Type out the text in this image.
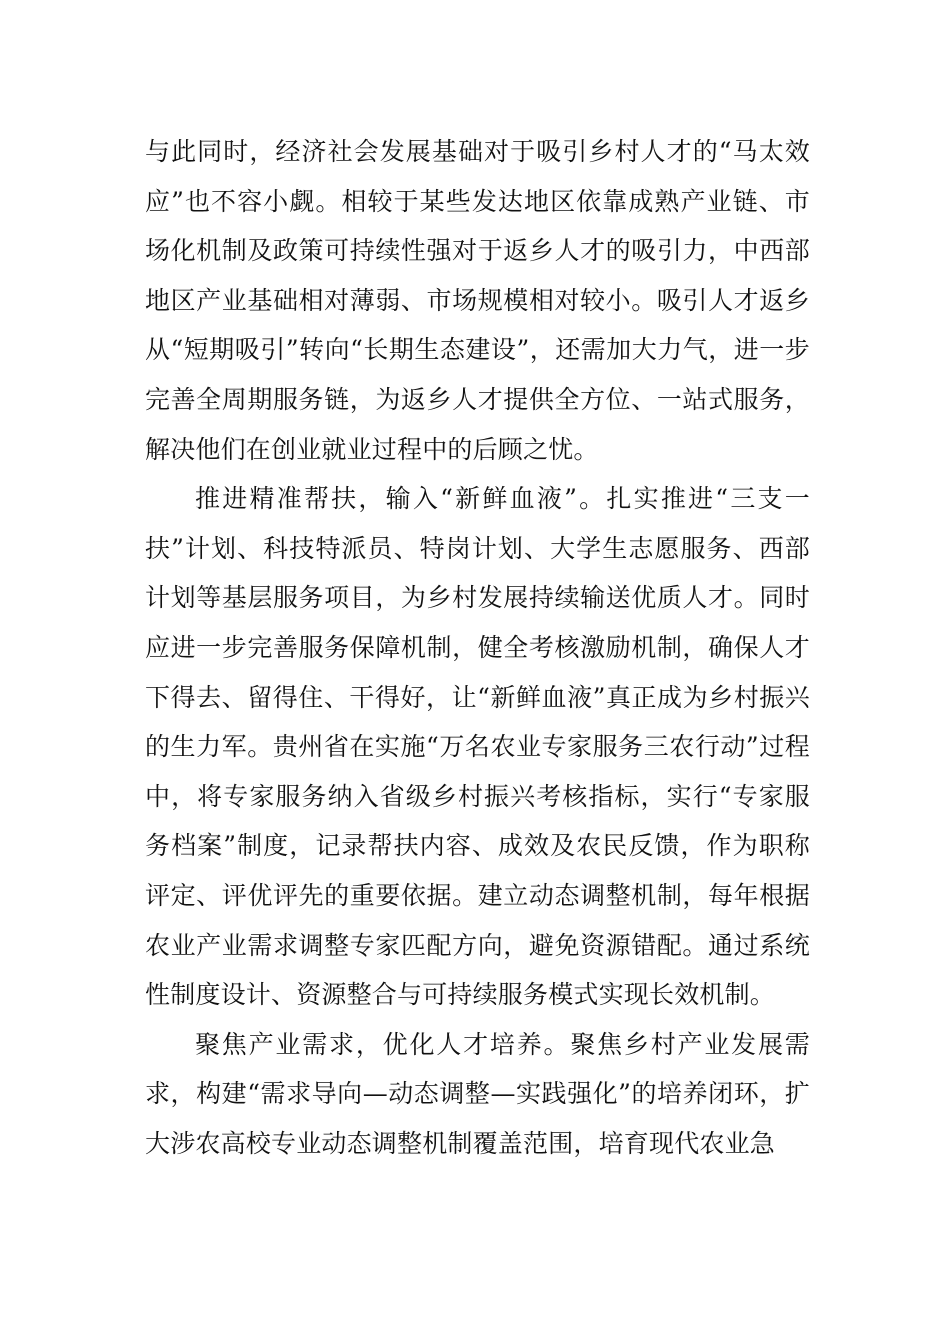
与此同时，经济社会发展基础对于吸引乡村人才的“马太效应”也不容小觑。相较于某些发达地区依靠成熟产业链、市场化机制及政策可持续性强对于返乡人才的吸引力，中西部地区产业基础相对薄弱、市场规模相对较小。吸引人才返乡从“短期吸引”转向“长期生态建设”，还需加大力气，进一步完善全周期服务链，为返乡人才提供全方位、一站式服务，解决他们在创业就业过程中的后顾之忧。

推进精准帮扶，输入“新鲜血液”。扎实推进“三支一扶”计划、科技特派员、特岗计划、大学生志愿服务、西部计划等基层服务项目，为乡村发展持续输送优质人才。同时应进一步完善服务保障机制，健全考核激励机制，确保人才下得去、留得住、干得好，让“新鲜血液”真正成为乡村振兴的生力军。贵州省在实施“万名农业专家服务三农行动”过程中，将专家服务纳入省级乡村振兴考核指标，实行“专家服务档案”制度，记录帮扶内容、成效及农民反馈，作为职称评定、评优评先的重要依据。建立动态调整机制，每年根据农业产业需求调整专家匹配方向，避免资源错配。通过系统性制度设计、资源整合与可持续服务模式实现长效机制。

聚焦产业需求，优化人才培养。聚焦乡村产业发展需求，构建“需求导向—动态调整—实践强化”的培养闭环，扩大涉农高校专业动态调整机制覆盖范围，培育现代农业急
